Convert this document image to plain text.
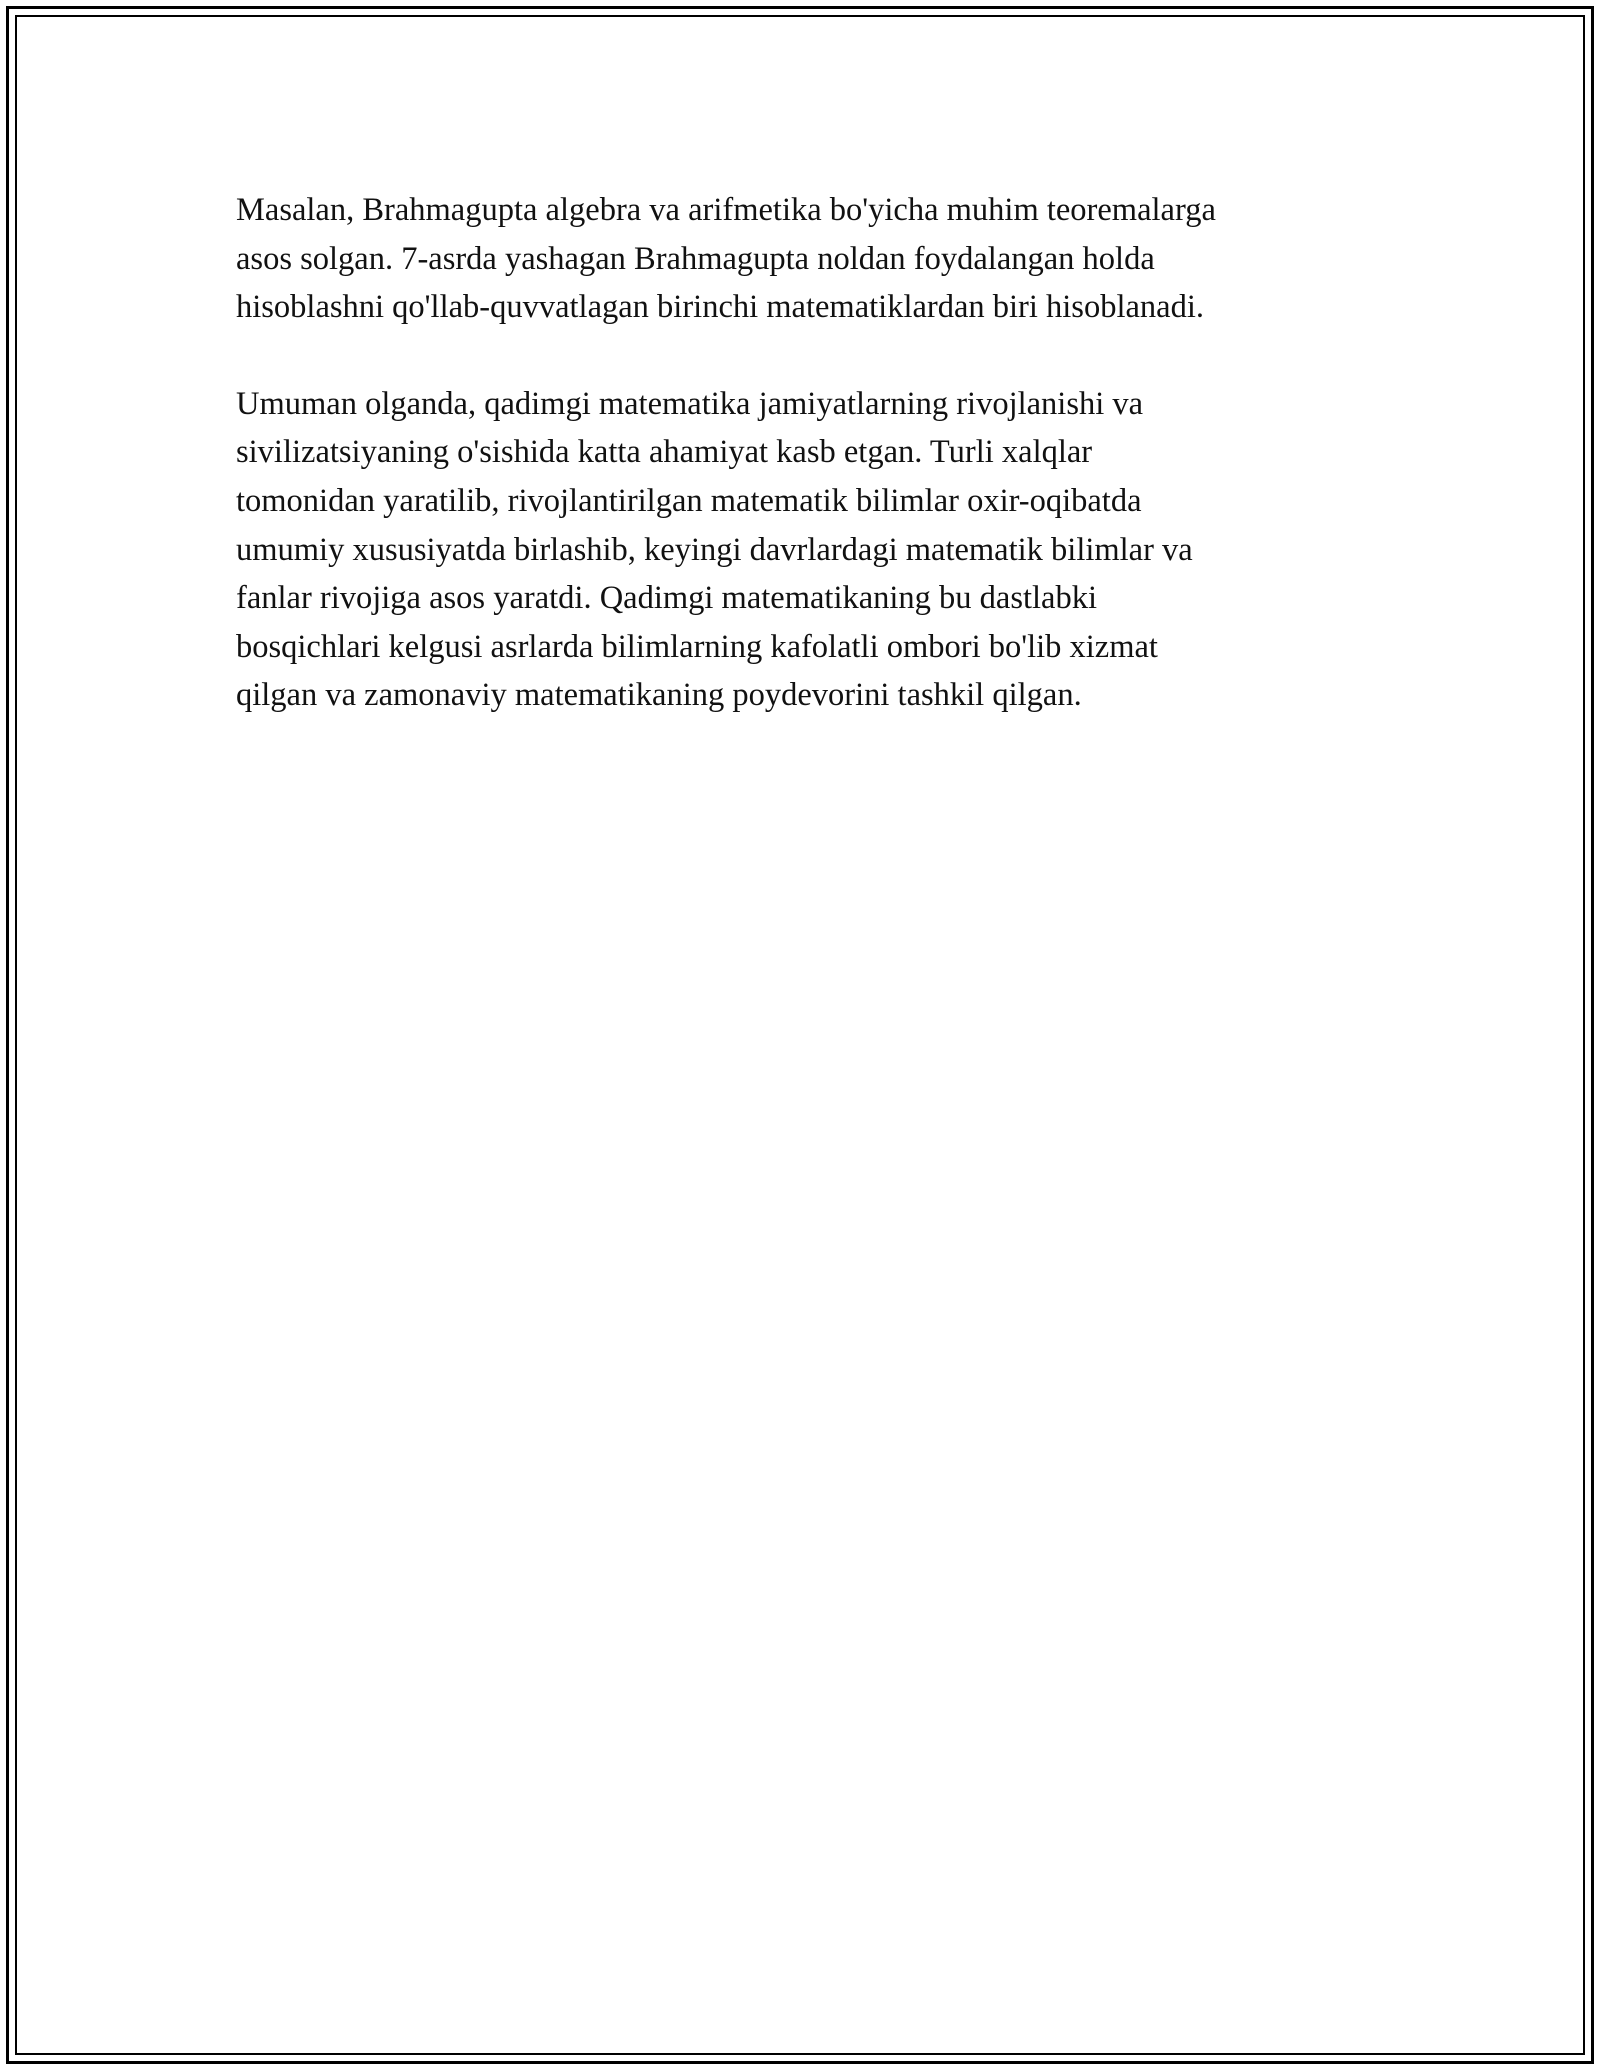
Masalan, Brahmagupta algebra va arifmetika bo'yicha muhim teoremalarga
asos solgan. 7-asrda yashagan Brahmagupta noldan foydalangan holda
hisoblashni qo'llab-quvvatlagan birinchi matematiklardan biri hisoblanadi.

Umuman olganda, qadimgi matematika jamiyatlarning rivojlanishi va
sivilizatsiyaning o'sishida katta ahamiyat kasb etgan. Turli xalqlar
tomonidan yaratilib, rivojlantirilgan matematik bilimlar oxir-oqibatda
umumiy xususiyatda birlashib, keyingi davrlardagi matematik bilimlar va
fanlar rivojiga asos yaratdi. Qadimgi matematikaning bu dastlabki
bosqichlari kelgusi asrlarda bilimlarning kafolatli ombori bo'lib xizmat
qilgan va zamonaviy matematikaning poydevorini tashkil qilgan.
